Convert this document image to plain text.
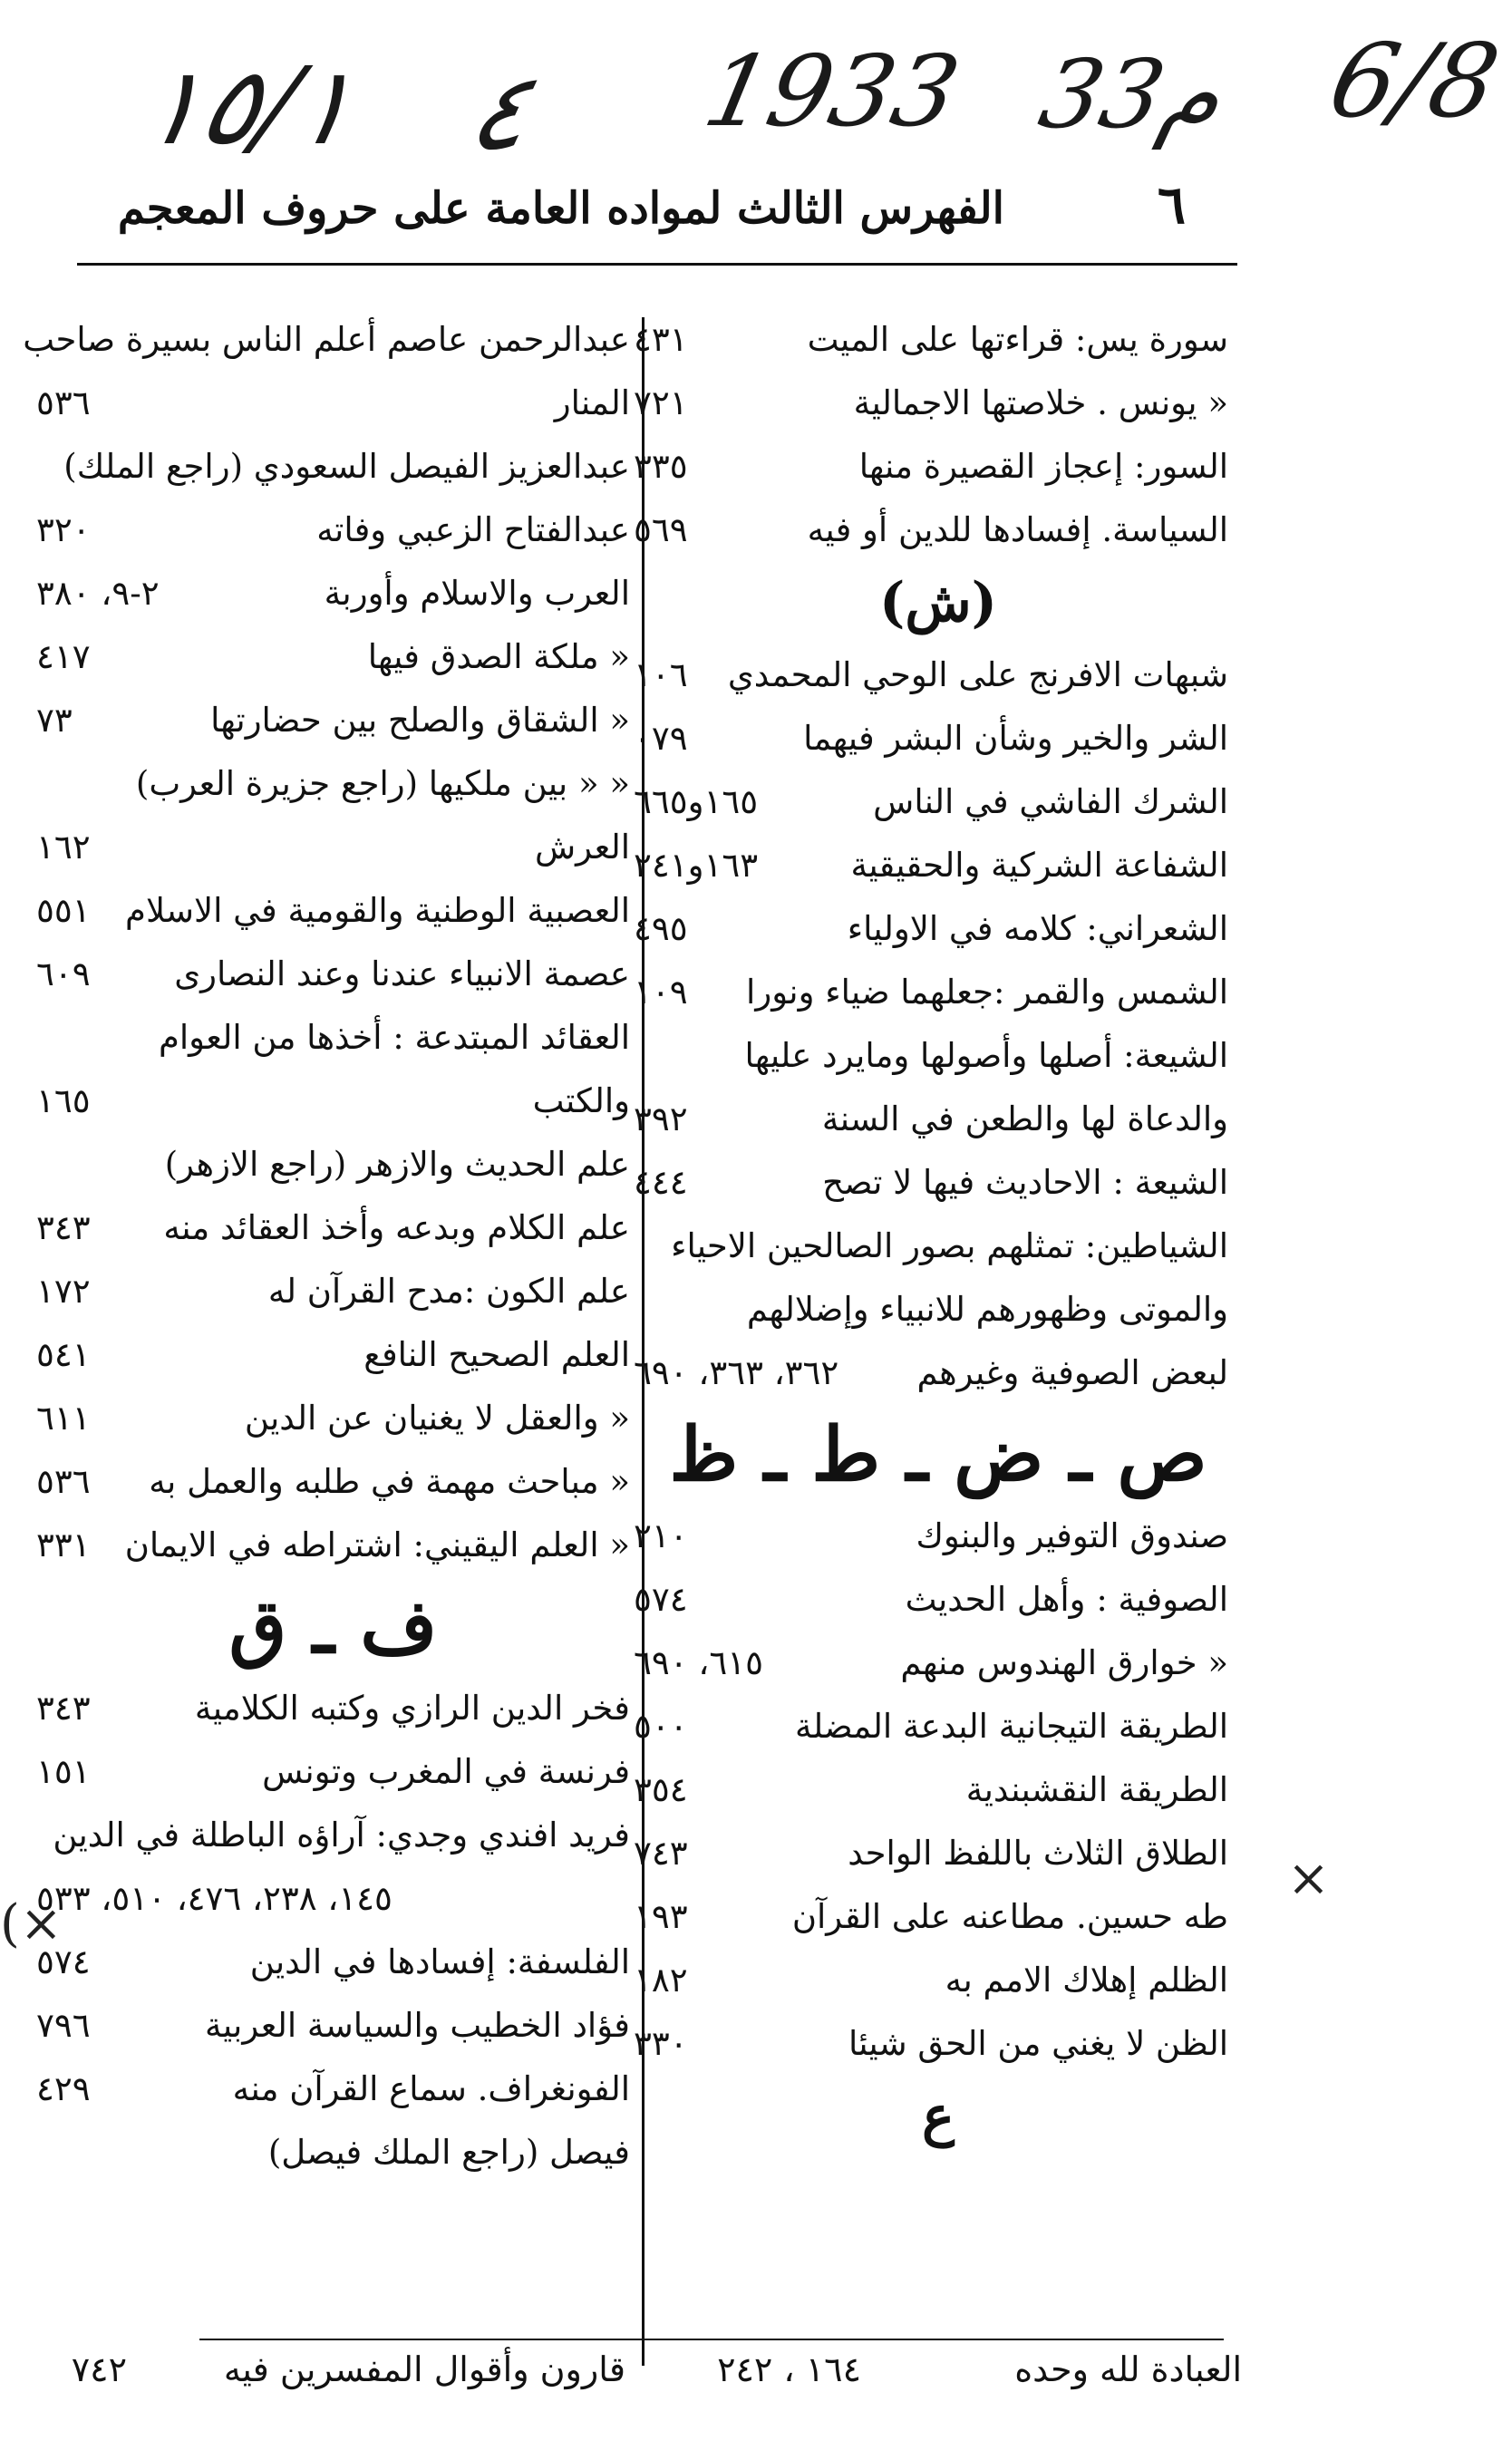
١٥/١ ٤ 1933 33م 6/8
٦
الفهرس الثالث لمواده العامة على حروف المعجم
سورة يس: قراءتها على الميت
٤٣١
« يونس . خلاصتها الاجمالية
٧٢١
السور: إعجاز القصيرة منها
٣٣٥
السياسة. إفسادها للدين أو فيه
٥٦٩
(ش)
شبهات الافرنج على الوحي المحمدي
١٠٦
الشر والخير وشأن البشر فيهما
٠٧٩
الشرك الفاشي في الناس
١٦٥و٦٦٥
الشفاعة الشركية والحقيقية
١٦٣و٢٤١
الشعراني: كلامه في الاولياء
٤٩٥
الشمس والقمر :جعلهما ضياء ونورا
١٠٩
الشيعة: أصلها وأصولها ومايرد عليها
والدعاة لها والطعن في السنة
٣٩٢
الشيعة : الاحاديث فيها لا تصح
٤٤٤
الشياطين: تمثلهم بصور الصالحين الاحياء
والموتى وظهورهم للانبياء وإضلالهم
لبعض الصوفية وغيرهم
٣٦٢، ٣٦٣، ٦٩٠
ص ـ ض ـ ط ـ ظ
صندوق التوفير والبنوك
٢١٠
الصوفية : وأهل الحديث
٥٧٤
« خوارق الهندوس منهم
٦١٥، ٦٩٠
الطريقة التيجانية البدعة المضلة
٥٠٠
الطريقة النقشبندية
٣٥٤
الطلاق الثلاث باللفظ الواحد
٧٤٣
طه حسين. مطاعنه على القرآن
١٩٣
الظلم إهلاك الامم به
١٨٢
الظن لا يغني من الحق شيئا
٣٣٠
ع
عبدالرحمن عاصم أعلم الناس بسيرة صاحب
المنار
٥٣٦
عبدالعزيز الفيصل السعودي (راجع الملك)
عبدالفتاح الزعبي وفاته
٣٢٠
العرب والاسلام وأوربة
٢-٩، ٣٨٠
« ملكة الصدق فيها
٤١٧
« الشقاق والصلح بين حضارتها
٧٣
« « بين ملكيها (راجع جزيرة العرب)
العرش
١٦٢
العصبية الوطنية والقومية في الاسلام
٥٥١
عصمة الانبياء عندنا وعند النصارى
٦٠٩
العقائد المبتدعة : أخذها من العوام
والكتب
١٦٥
علم الحديث والازهر (راجع الازهر)
علم الكلام وبدعه وأخذ العقائد منه
٣٤٣
علم الكون :مدح القرآن له
١٧٢
العلم الصحيح النافع
٥٤١
« والعقل لا يغنيان عن الدين
٦١١
« مباحث مهمة في طلبه والعمل به
٥٣٦
« العلم اليقيني: اشتراطه في الايمان
٣٣١
ف ـ ق
فخر الدين الرازي وكتبه الكلامية
٣٤٣
فرنسة في المغرب وتونس
١٥١
فريد افندي وجدي: آراؤه الباطلة في الدين
١٤٥، ٢٣٨، ٤٧٦، ٥١٠، ٥٣٣
الفلسفة: إفسادها في الدين
٥٧٤
فؤاد الخطيب والسياسة العربية
٧٩٦
الفونغراف. سماع القرآن منه
٤٢٩
فيصل (راجع الملك فيصل)
×
(×
العبادة لله وحده
١٦٤ ، ٢٤٢
قارون وأقوال المفسرين فيه
٧٤٢
